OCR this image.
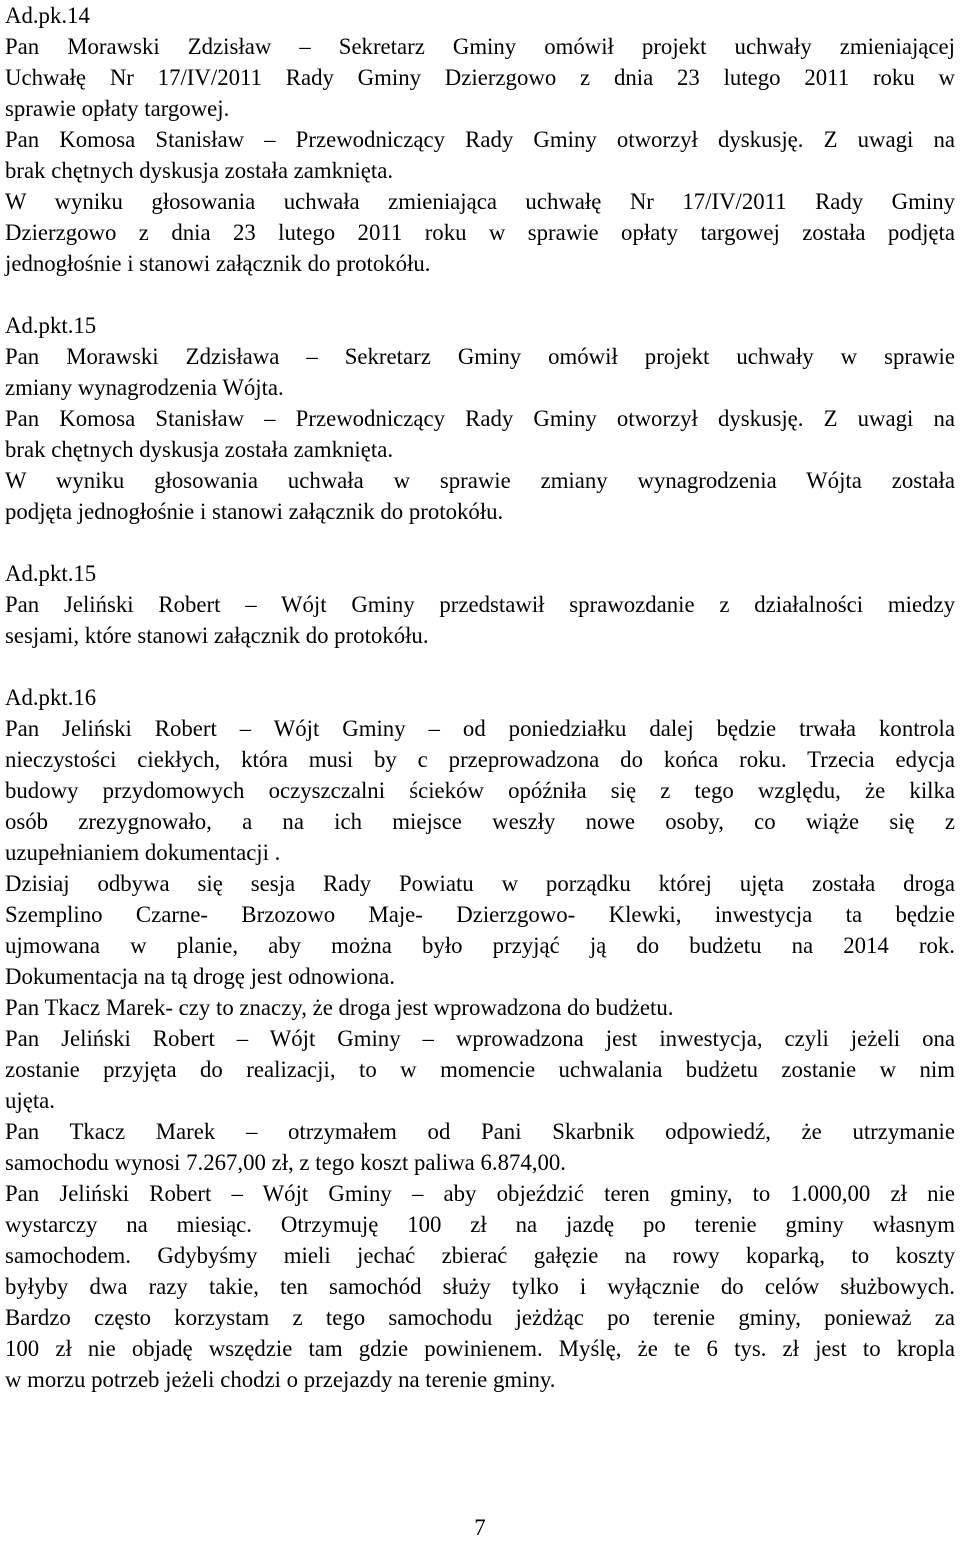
Ad.pk.14
Pan Morawski Zdzisław – Sekretarz Gminy omówił projekt uchwały zmieniającej
Uchwałę Nr 17/IV/2011 Rady Gminy Dzierzgowo z dnia 23 lutego 2011 roku w
sprawie opłaty targowej.
Pan Komosa Stanisław – Przewodniczący Rady Gminy otworzył dyskusję. Z uwagi na
brak chętnych dyskusja została zamknięta.
W wyniku głosowania uchwała zmieniająca uchwałę Nr 17/IV/2011 Rady Gminy
Dzierzgowo z dnia 23 lutego 2011 roku w sprawie opłaty targowej została podjęta
jednogłośnie i stanowi załącznik do protokółu.
Ad.pkt.15
Pan Morawski Zdzisława – Sekretarz Gminy omówił projekt uchwały w sprawie
zmiany wynagrodzenia Wójta.
Pan Komosa Stanisław – Przewodniczący Rady Gminy otworzył dyskusję. Z uwagi na
brak chętnych dyskusja została zamknięta.
W wyniku głosowania uchwała w sprawie zmiany wynagrodzenia Wójta została
podjęta jednogłośnie i stanowi załącznik do protokółu.
Ad.pkt.15
Pan Jeliński Robert – Wójt Gminy przedstawił sprawozdanie z działalności miedzy
sesjami, które stanowi załącznik do protokółu.
Ad.pkt.16
Pan Jeliński Robert – Wójt Gminy – od poniedziałku dalej będzie trwała kontrola
nieczystości ciekłych, która musi by c przeprowadzona do końca roku. Trzecia edycja
budowy przydomowych oczyszczalni ścieków opóźniła się z tego względu, że kilka
osób zrezygnowało, a na ich miejsce weszły nowe osoby, co wiąże się z
uzupełnianiem dokumentacji .
Dzisiaj odbywa się sesja Rady Powiatu w porządku której ujęta została droga
Szemplino Czarne- Brzozowo Maje- Dzierzgowo- Klewki, inwestycja ta będzie
ujmowana w planie, aby można było przyjąć ją do budżetu na 2014 rok.
Dokumentacja na tą drogę jest odnowiona.
Pan Tkacz Marek- czy to znaczy, że droga jest wprowadzona do budżetu.
Pan Jeliński Robert – Wójt Gminy – wprowadzona jest inwestycja, czyli jeżeli ona
zostanie przyjęta do realizacji, to w momencie uchwalania budżetu zostanie w nim
ujęta.
Pan Tkacz Marek – otrzymałem od Pani Skarbnik odpowiedź, że utrzymanie
samochodu wynosi 7.267,00 zł, z tego koszt paliwa 6.874,00.
Pan Jeliński Robert – Wójt Gminy – aby objeździć teren gminy, to 1.000,00 zł nie
wystarczy na miesiąc. Otrzymuję 100 zł na jazdę po terenie gminy własnym
samochodem. Gdybyśmy mieli jechać zbierać gałęzie na rowy koparką, to koszty
byłyby dwa razy takie, ten samochód służy tylko i wyłącznie do celów służbowych.
Bardzo często korzystam z tego samochodu jeżdżąc po terenie gminy, ponieważ za
100 zł nie objadę wszędzie tam gdzie powinienem. Myślę, że te 6 tys. zł jest to kropla
w morzu potrzeb jeżeli chodzi o przejazdy na terenie gminy.
7
